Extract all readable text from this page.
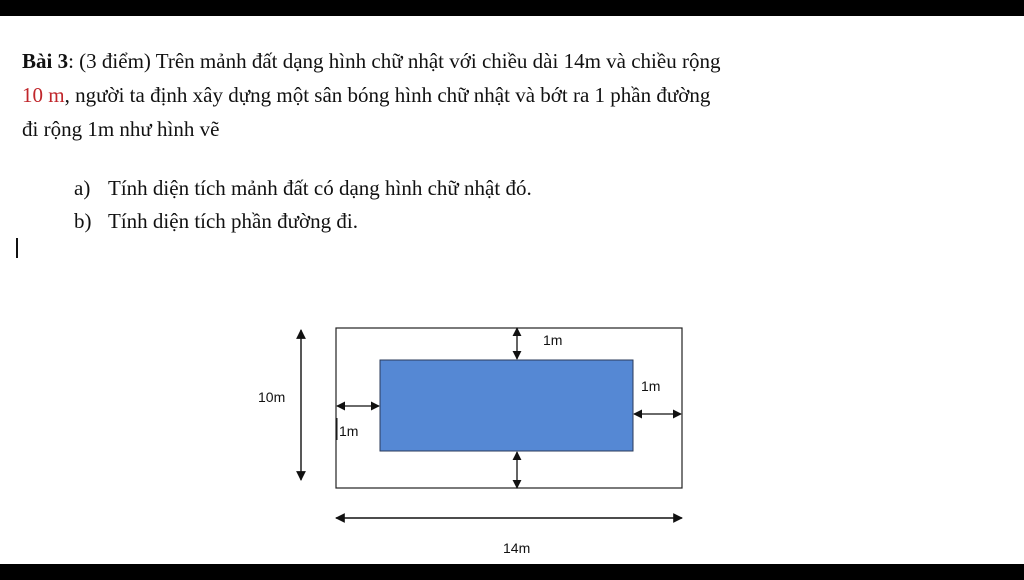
Bài 3: (3 điểm) Trên mảnh đất dạng hình chữ nhật với chiều dài 14m và chiều rộng

10 m, người ta định xây dựng một sân bóng hình chữ nhật và bớt ra 1 phần đường

đi rộng 1m như hình vẽ

a) Tính diện tích mảnh đất có dạng hình chữ nhật đó.
b) Tính diện tích phần đường đi.
10m
14m
1m
1m
1m
